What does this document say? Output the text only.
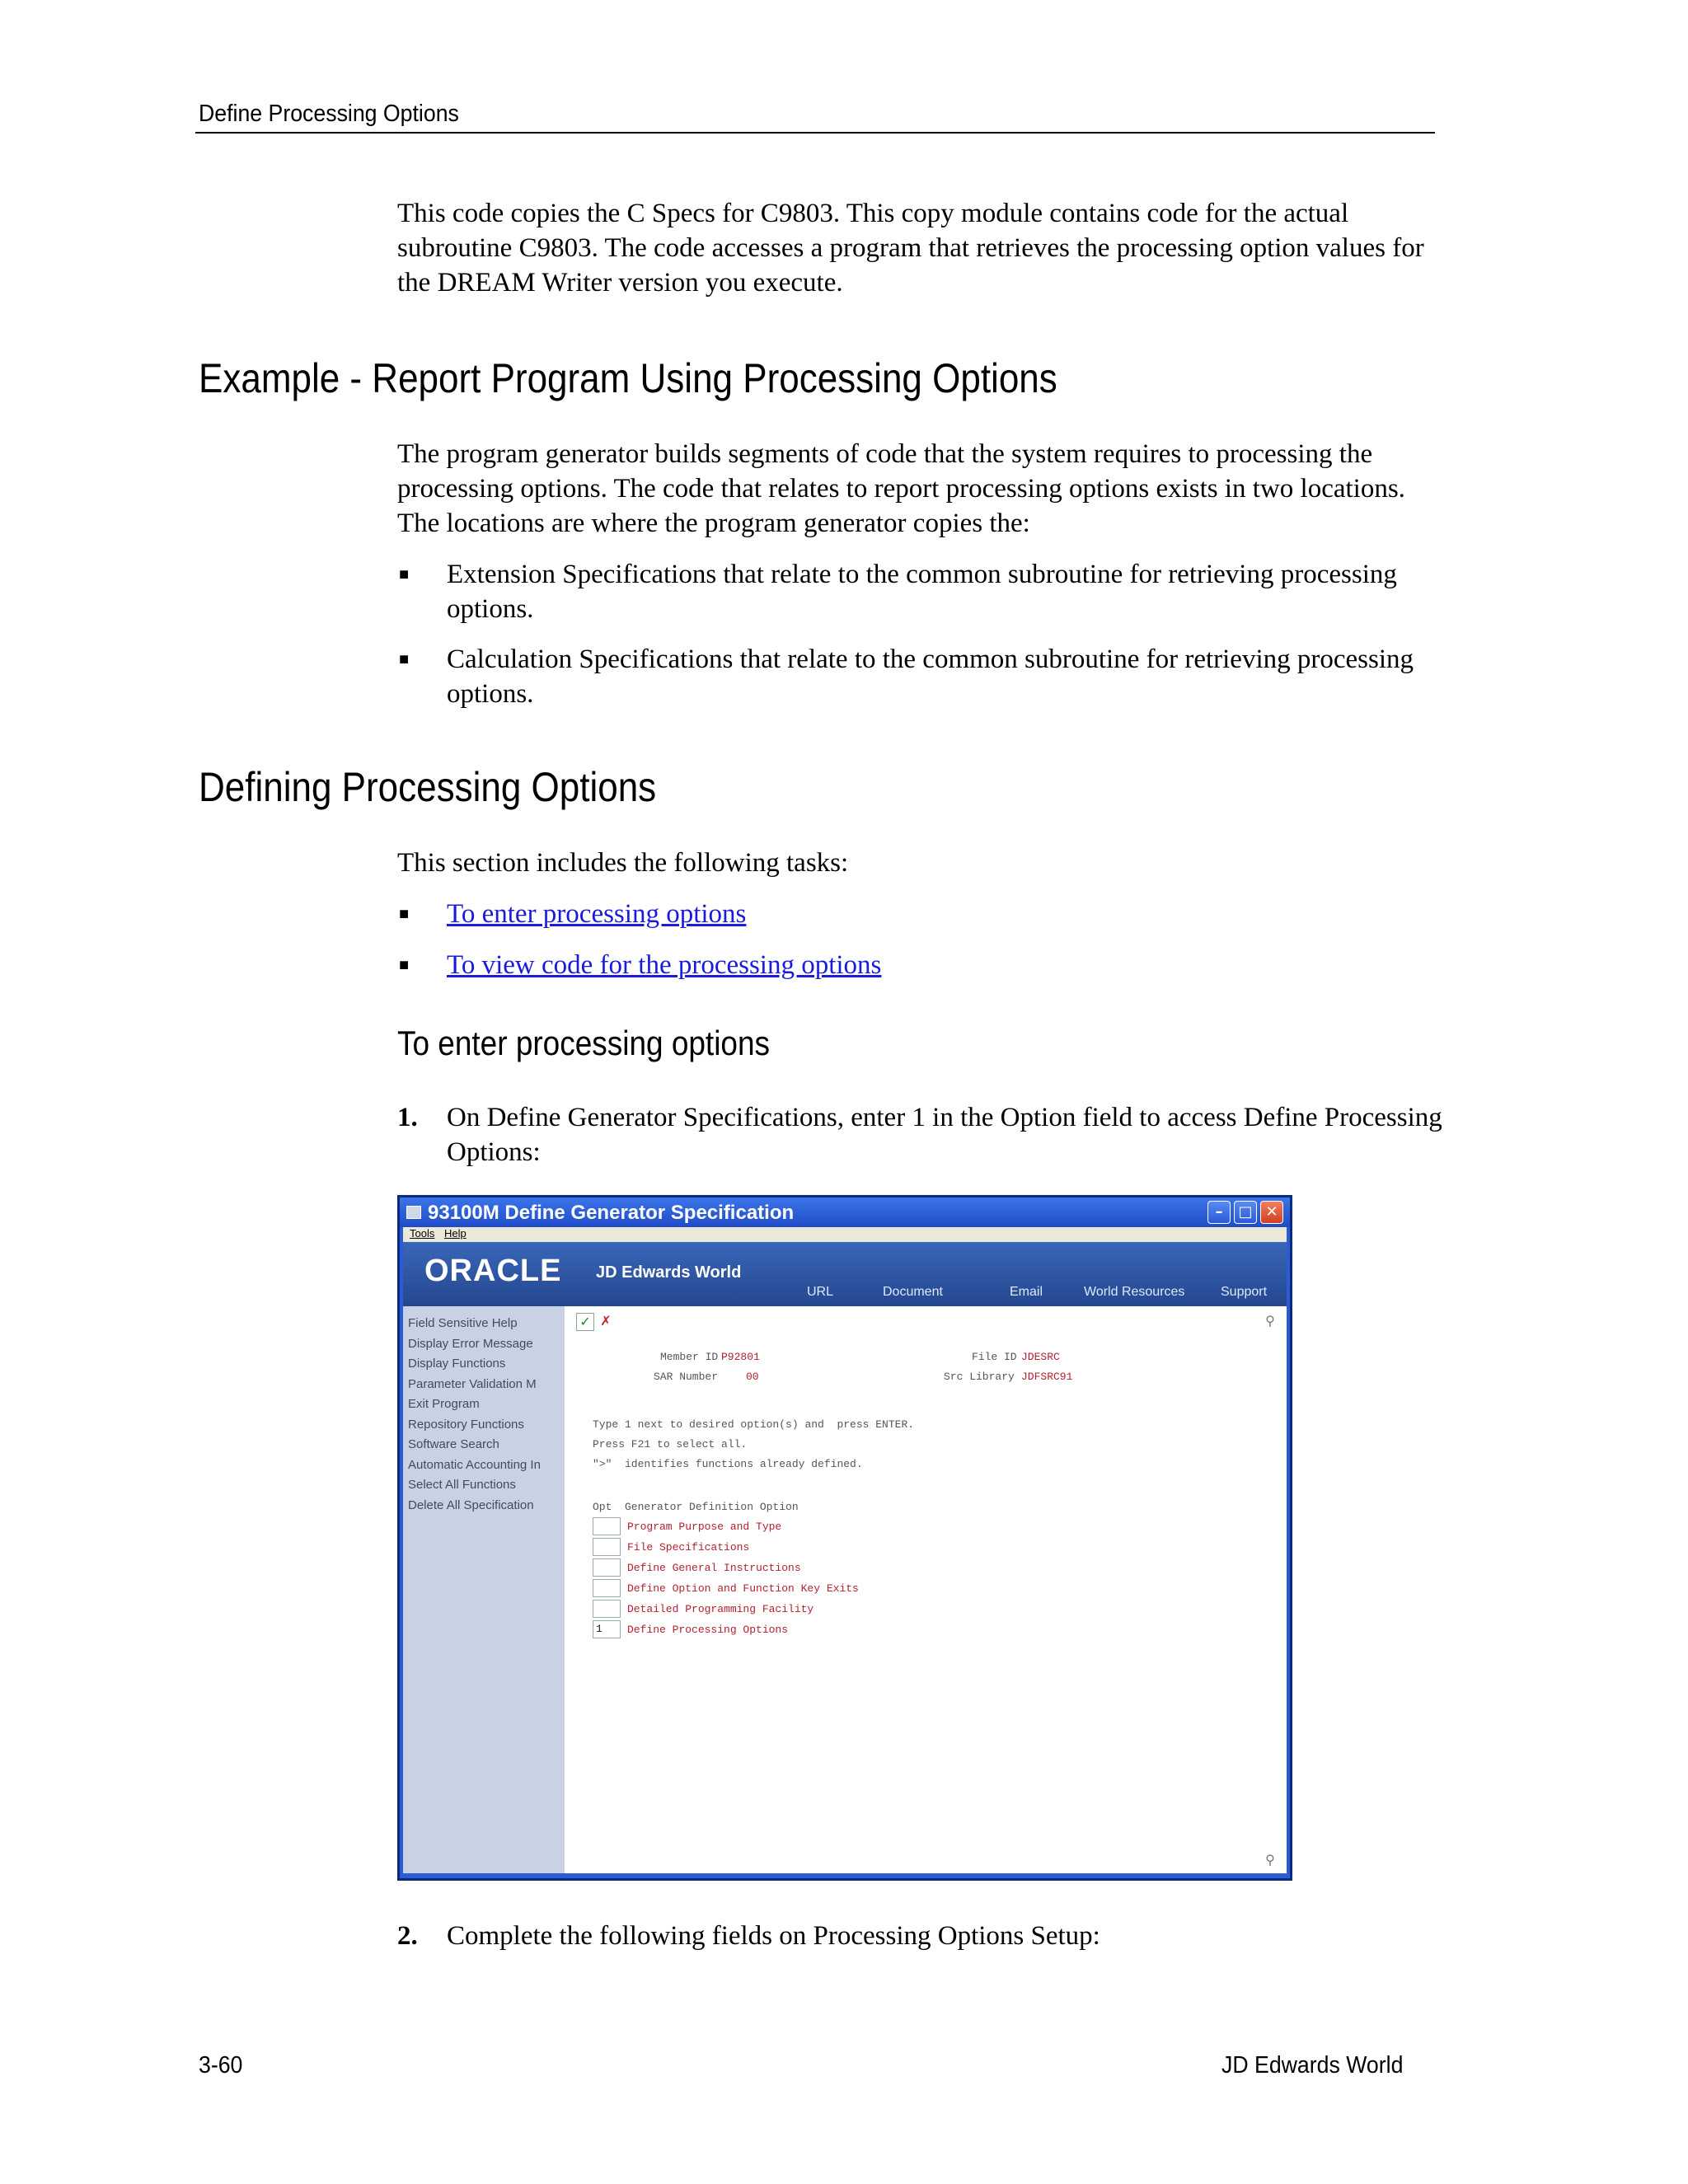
Define Processing Options
This code copies the C Specs for C9803. This copy module contains code for the actual subroutine C9803. The code accesses a program that retrieves the processing option values for the DREAM Writer version you execute.
Example - Report Program Using Processing Options
The program generator builds segments of code that the system requires to processing the processing options. The code that relates to report processing options exists in two locations. The locations are where the program generator copies the:
■ Extension Specifications that relate to the common subroutine for retrieving processing options.
■ Calculation Specifications that relate to the common subroutine for retrieving processing options.
Defining Processing Options
This section includes the following tasks:
■ To enter processing options
■ To view code for the processing options
To enter processing options
1. On Define Generator Specifications, enter 1 in the Option field to access Define Processing Options:
93100M Define Generator Specification	–	□ ✕
Tools Help
ORACLE JD Edwards World
URL	Document	Email	World Resources	Support
Field Sensitive Help
Display Error Message
Display Functions
Parameter Validation M
Exit Program
Repository Functions
Software Search
Automatic Accounting In
Select All Functions
Delete All Specification
✓ ✗	⚲
Member ID P92801	File ID JDESRC
SAR Number	00	Src Library JDFSRC91
Type 1 next to desired option(s) and  press ENTER.
Press F21 to select all.
">"  identifies functions already defined.
Opt  Generator Definition Option
Program Purpose and Type
File Specifications
Define General Instructions
Define Option and Function Key Exits
Detailed Programming Facility
1	Define Processing Options
⚲
2. Complete the following fields on Processing Options Setup:
3-60	JD Edwards World
